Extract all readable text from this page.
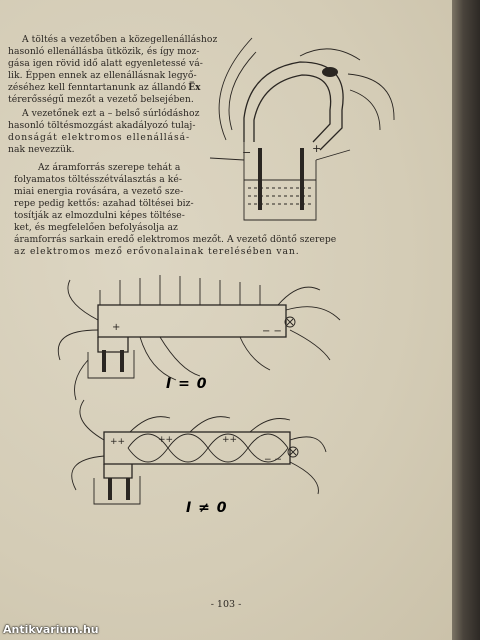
A töltés a vezetőben a közegellenálláshoz
hasonló ellenállásba ütközik, és így moz-
gása igen rövid idő alatt egyenletessé vá-
lik. Éppen ennek az ellenállásnak legyő-
zéséhez kell fenntartanunk az állandó E̅x
térerősségű mezőt a vezető belsejében.
A vezetőnek ezt a – belső súrlódáshoz
hasonló töltésmozgást akadályozó tulaj-
donságát elektromos ellenállásá-
nak nevezzük.
Az áramforrás szerepe tehát a
folyamatos töltésszétválasztás a ké-
miai energia rovására, a vezető sze-
repe pedig kettős: azahad töltései biz-
tosítják az elmozdulni képes töltése-
ket, és megfelelően befolyásolja az
áramforrás sarkain eredő elektromos mezőt. A vezető döntő szerepe
az elektromos mező erővonalainak terelésében van.
−	+
+	− −
I = 0
++	++	++
− −
I ≠ 0
- 103 -
Antikvarium.hu
